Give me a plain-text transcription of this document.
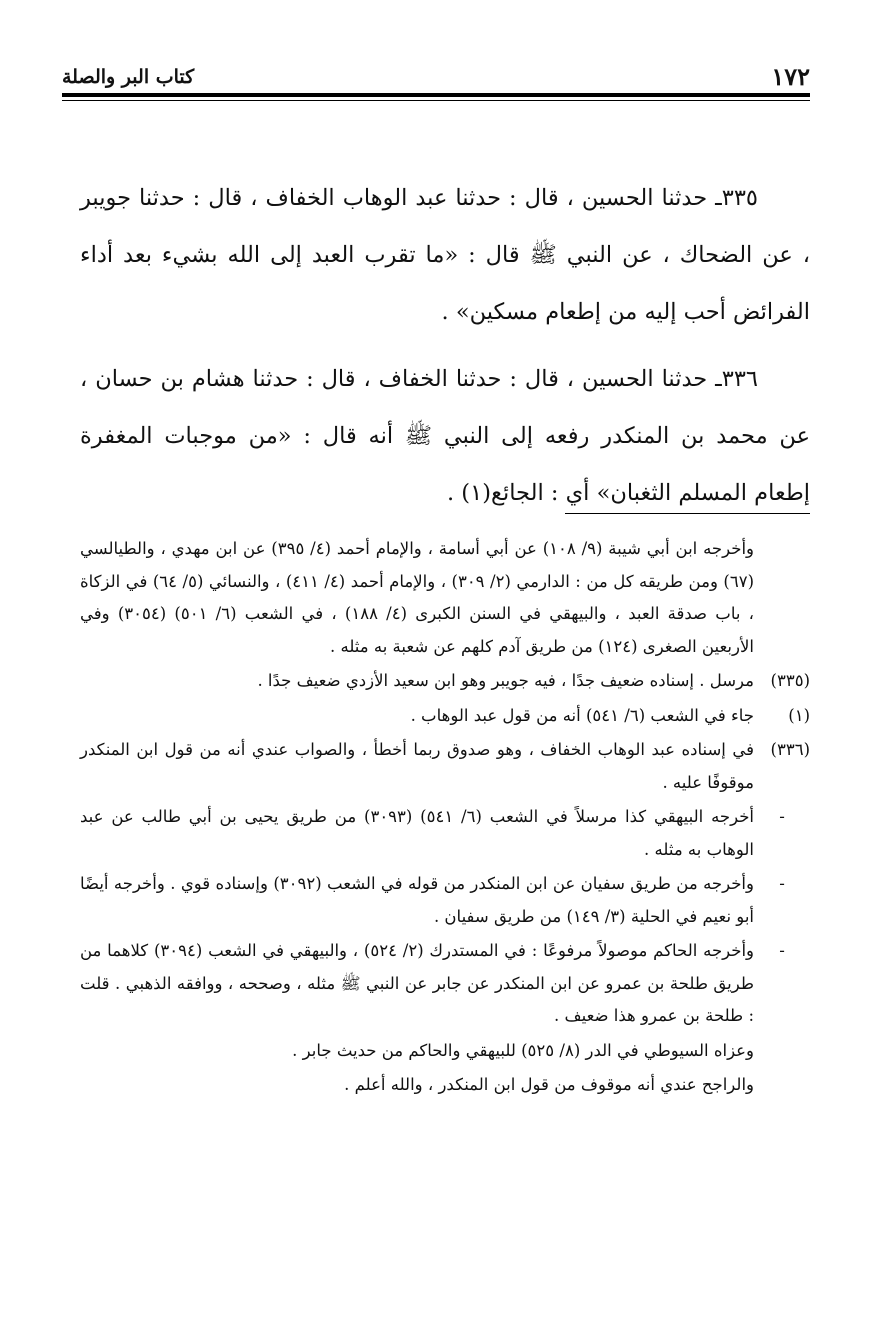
١٧٢
كتاب البر والصلة

٣٣٥ـ حدثنا الحسين ، قال : حدثنا عبد الوهاب الخفاف ، قال : حدثنا جويبر ، عن الضحاك ، عن النبي ﷺ قال : «ما تقرب العبد إلى الله بشيء بعد أداء الفرائض أحب إليه من إطعام مسكين» .

٣٣٦ـ حدثنا الحسين ، قال : حدثنا الخفاف ، قال : حدثنا هشام بن حسان ، عن محمد بن المنكدر رفعه إلى النبي ﷺ أنه قال : «من موجبات المغفرة إطعام المسلم الثغبان» أي : الجائع(١) .

وأخرجه ابن أبي شيبة (٩/ ١٠٨) عن أبي أسامة ، والإمام أحمد (٤/ ٣٩٥) عن ابن مهدي ، والطيالسي (٦٧) ومن طريقه كل من : الدارمي (٢/ ٣٠٩) ، والإمام أحمد (٤/ ٤١١) ، والنسائي (٥/ ٦٤) في الزكاة ، باب صدقة العبد ، والبيهقي في السنن الكبرى (٤/ ١٨٨) ، في الشعب (٦/ ٥٠١) (٣٠٥٤) وفي الأربعين الصغرى (١٢٤) من طريق آدم كلهم عن شعبة به مثله .

(٣٣٥)

مرسل . إسناده ضعيف جدًا ، فيه جويبر وهو ابن سعيد الأزدي ضعيف جدًا .

(١)

جاء في الشعب (٦/ ٥٤١) أنه من قول عبد الوهاب .

(٣٣٦)

في إسناده عبد الوهاب الخفاف ، وهو صدوق ربما أخطأ ، والصواب عندي أنه من قول ابن المنكدر موقوفًا عليه .

-

أخرجه البيهقي كذا مرسلاً في الشعب (٦/ ٥٤١) (٣٠٩٣) من طريق يحيى بن أبي طالب عن عبد الوهاب به مثله .

-

وأخرجه من طريق سفيان عن ابن المنكدر من قوله في الشعب (٣٠٩٢) وإسناده قوي . وأخرجه أيضًا أبو نعيم في الحلية (٣/ ١٤٩) من طريق سفيان .

-

وأخرجه الحاكم موصولاً مرفوعًا : في المستدرك (٢/ ٥٢٤) ، والبيهقي في الشعب (٣٠٩٤) كلاهما من طريق طلحة بن عمرو عن ابن المنكدر عن جابر عن النبي ﷺ مثله ، وصححه ، ووافقه الذهبي . قلت : طلحة بن عمرو هذا ضعيف .

وعزاه السيوطي في الدر (٨/ ٥٢٥) للبيهقي والحاكم من حديث جابر .

والراجح عندي أنه موقوف من قول ابن المنكدر ، والله أعلم .
